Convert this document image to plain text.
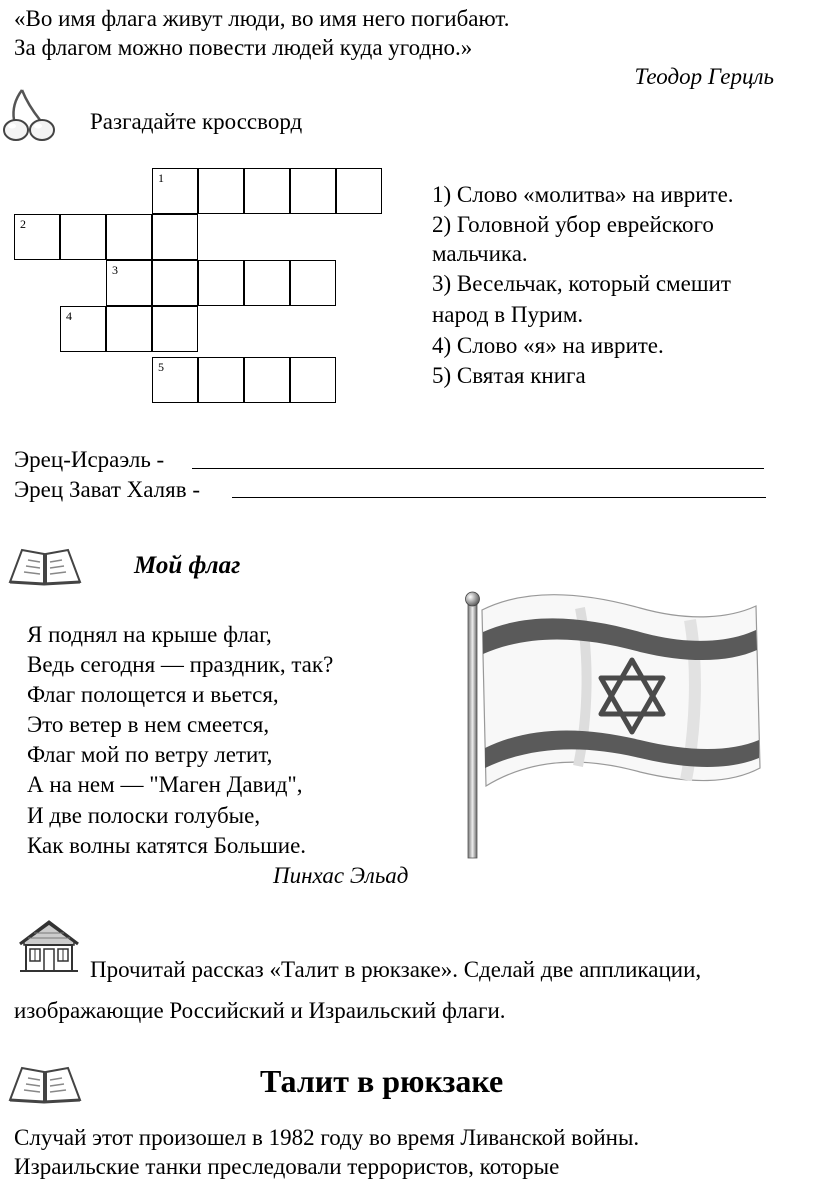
«Во имя флага живут люди, во имя него погибают.
За флагом можно повести людей куда угодно.»
Теодор Герцль
Разгадайте кроссворд
1
2
3
4
5
1) Слово «молитва» на иврите.
2) Головной убор еврейского
мальчика.
3) Весельчак, который смешит
народ в Пурим.
4) Слово «я» на иврите.
5) Святая книга
Эрец-Исраэль -
Эрец Зават Халяв -
Мой флаг
Я поднял на крыше флаг,
Ведь сегодня — праздник, так?
Флаг полощется и вьется,
Это ветер в нем смеется,
Флаг мой по ветру летит,
А на нем — "Маген Давид",
И две полоски голубые,
Как волны катятся Большие.
Пинхас Эльад
Прочитай рассказ «Талит в рюкзаке». Сделай две аппликации,
изображающие Российский и Израильский флаги.
Талит в рюкзаке
Случай этот произошел в 1982 году во время Ливанской войны.
Израильские танки преследовали террористов, которые
